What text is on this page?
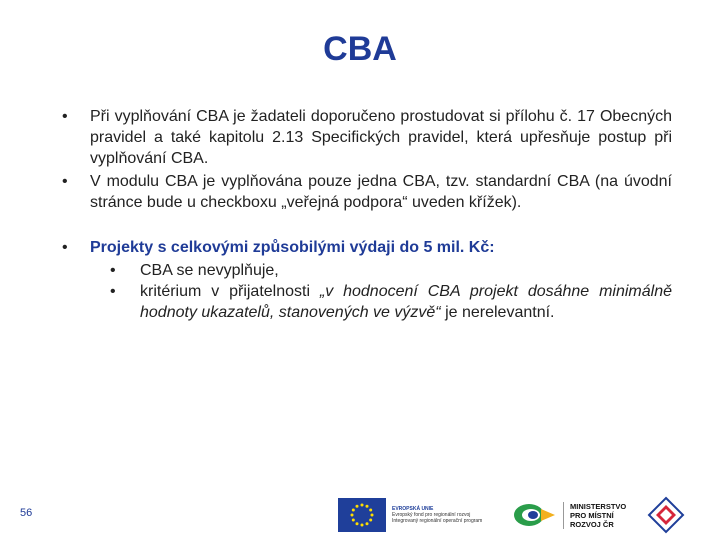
CBA
•	Při vyplňování CBA je žadateli doporučeno prostudovat si přílohu č. 17 Obecných pravidel a také kapitolu 2.13 Specifických pravidel, která upřesňuje postup při vyplňování CBA.
•	V modulu CBA je vyplňována pouze jedna CBA, tzv. standardní CBA (na úvodní stránce bude u checkboxu „veřejná podpora“ uveden křížek).
•	Projekty s celkovými způsobilými výdaji do 5 mil. Kč:
•	CBA se nevyplňuje,
•	kritérium v přijatelnosti „v hodnocení CBA projekt dosáhne minimálně hodnoty ukazatelů, stanovených ve výzvě“ je nerelevantní.
56	EVROPSKÁ UNIE
Evropský fond pro regionální rozvoj
Integrovaný regionální operační program
MINISTERSTVO
PRO MÍSTNÍ
ROZVOJ ČR
